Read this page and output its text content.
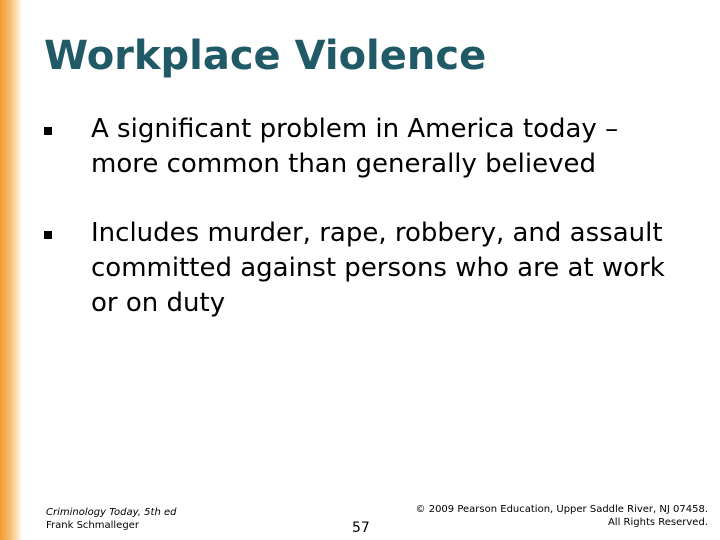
Workplace Violence
A significant problem in America today – more common than generally believed
Includes murder, rape, robbery, and assault committed against persons who are at work or on duty
Criminology Today, 5th ed
Frank Schmalleger	57
© 2009 Pearson Education, Upper Saddle River, NJ 07458.
All Rights Reserved.
